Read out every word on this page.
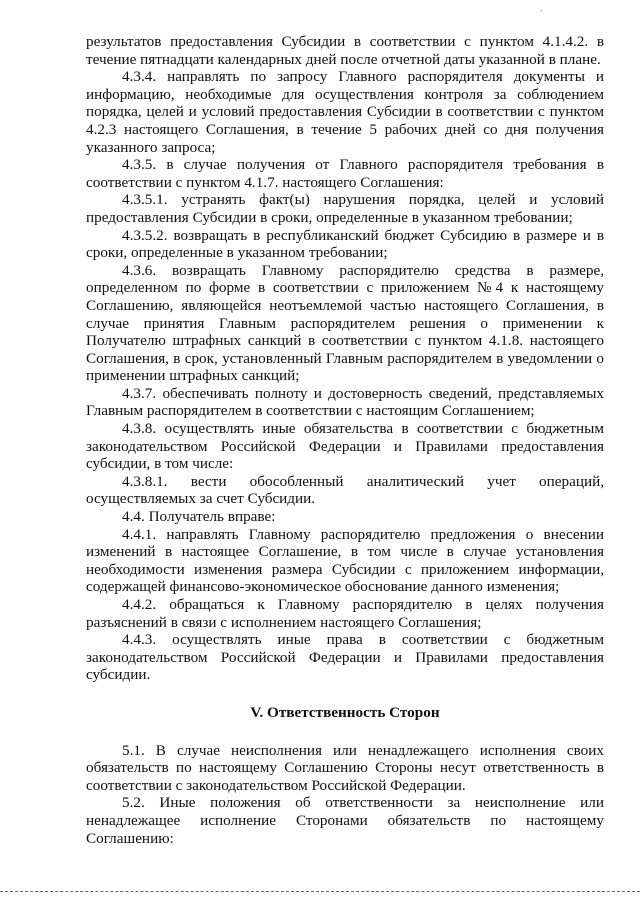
·

результатов предоставления Субсидии в соответствии с пунктом 4.1.4.2. в течение пятнадцати календарных дней после отчетной даты указанной в плане.

4.3.4. направлять по запросу Главного распорядителя документы и информацию, необходимые для осуществления контроля за соблюдением порядка, целей и условий предоставления Субсидии в соответствии с пунктом 4.2.3 настоящего Соглашения, в течение 5 рабочих дней со дня получения указанного запроса;

4.3.5. в случае получения от Главного распорядителя требования в соответствии с пунктом 4.1.7. настоящего Соглашения:

4.3.5.1. устранять факт(ы) нарушения порядка, целей и условий предоставления Субсидии в сроки, определенные в указанном требовании;

4.3.5.2. возвращать в республиканский бюджет Субсидию в размере и в сроки, определенные в указанном требовании;

4.3.6. возвращать Главному распорядителю средства в размере, определенном по форме в соответствии с приложением №4 к настоящему Соглашению, являющейся неотъемлемой частью настоящего Соглашения, в случае принятия Главным распорядителем решения о применении к Получателю штрафных санкций в соответствии с пунктом 4.1.8. настоящего Соглашения, в срок, установленный Главным распорядителем в уведомлении о применении штрафных санкций;

4.3.7. обеспечивать полноту и достоверность сведений, представляемых Главным распорядителем в соответствии с настоящим Соглашением;

4.3.8. осуществлять иные обязательства в соответствии с бюджетным законодательством Российской Федерации и Правилами предоставления субсидии, в том числе:

4.3.8.1. вести обособленный аналитический учет операций, осуществляемых за счет Субсидии.

4.4. Получатель вправе:

4.4.1. направлять Главному распорядителю предложения о внесении изменений в настоящее Соглашение, в том числе в случае установления необходимости изменения размера Субсидии с приложением информации, содержащей финансово-экономическое обоснование данного изменения;

4.4.2. обращаться к Главному распорядителю в целях получения разъяснений в связи с исполнением настоящего Соглашения;

4.4.3. осуществлять иные права в соответствии с бюджетным законодательством Российской Федерации и Правилами предоставления субсидии.

V. Ответственность Сторон

5.1. В случае неисполнения или ненадлежащего исполнения своих обязательств по настоящему Соглашению Стороны несут ответственность в соответствии с законодательством Российской Федерации.

5.2. Иные положения об ответственности за неисполнение или ненадлежащее исполнение Сторонами обязательств по настоящему Соглашению:
